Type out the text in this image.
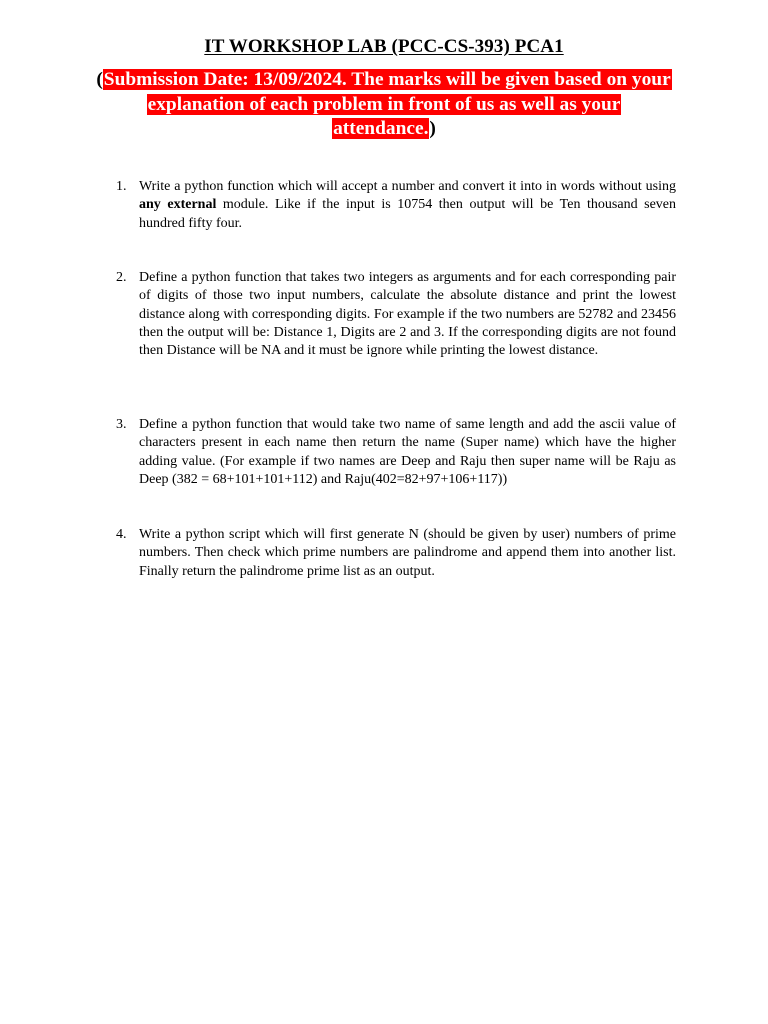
IT WORKSHOP LAB (PCC-CS-393) PCA1
(Submission Date: 13/09/2024. The marks will be given based on your explanation of each problem in front of us as well as your attendance.)
1. Write a python function which will accept a number and convert it into in words without using any external module. Like if the input is 10754 then output will be Ten thousand seven hundred fifty four.
2. Define a python function that takes two integers as arguments and for each corresponding pair of digits of those two input numbers, calculate the absolute distance and print the lowest distance along with corresponding digits. For example if the two numbers are 52782 and 23456 then the output will be: Distance 1, Digits are 2 and 3. If the corresponding digits are not found then Distance will be NA and it must be ignore while printing the lowest distance.
3. Define a python function that would take two name of same length and add the ascii value of characters present in each name then return the name (Super name) which have the higher adding value. (For example if two names are Deep and Raju then super name will be Raju as Deep (382 = 68+101+101+112) and Raju(402=82+97+106+117))
4. Write a python script which will first generate N (should be given by user) numbers of prime numbers. Then check which prime numbers are palindrome and append them into another list. Finally return the palindrome prime list as an output.
